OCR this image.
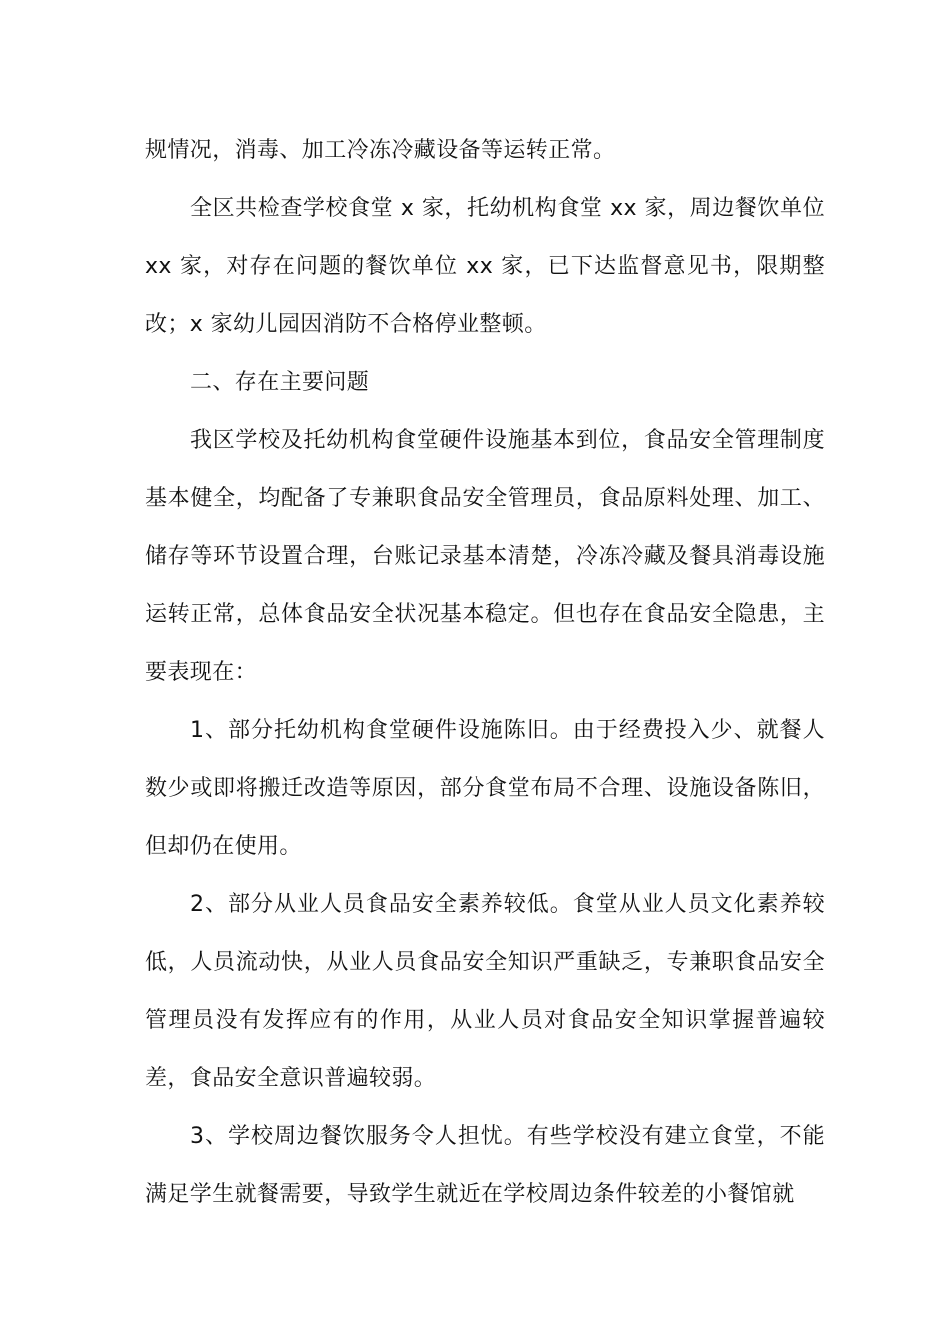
规情况，消毒、加工冷冻冷藏设备等运转正常。

全区共检查学校食堂 x 家，托幼机构食堂 xx 家，周边餐饮单位 xx 家，对存在问题的餐饮单位 xx 家，已下达监督意见书，限期整改；x 家幼儿园因消防不合格停业整顿。

二、存在主要问题

我区学校及托幼机构食堂硬件设施基本到位，食品安全管理制度基本健全，均配备了专兼职食品安全管理员，食品原料处理、加工、储存等环节设置合理，台账记录基本清楚，冷冻冷藏及餐具消毒设施运转正常，总体食品安全状况基本稳定。但也存在食品安全隐患，主要表现在：

1、部分托幼机构食堂硬件设施陈旧。由于经费投入少、就餐人数少或即将搬迁改造等原因，部分食堂布局不合理、设施设备陈旧，但却仍在使用。

2、部分从业人员食品安全素养较低。食堂从业人员文化素养较低，人员流动快，从业人员食品安全知识严重缺乏，专兼职食品安全管理员没有发挥应有的作用，从业人员对食品安全知识掌握普遍较差，食品安全意识普遍较弱。

3、学校周边餐饮服务令人担忧。有些学校没有建立食堂，不能满足学生就餐需要，导致学生就近在学校周边条件较差的小餐馆就
